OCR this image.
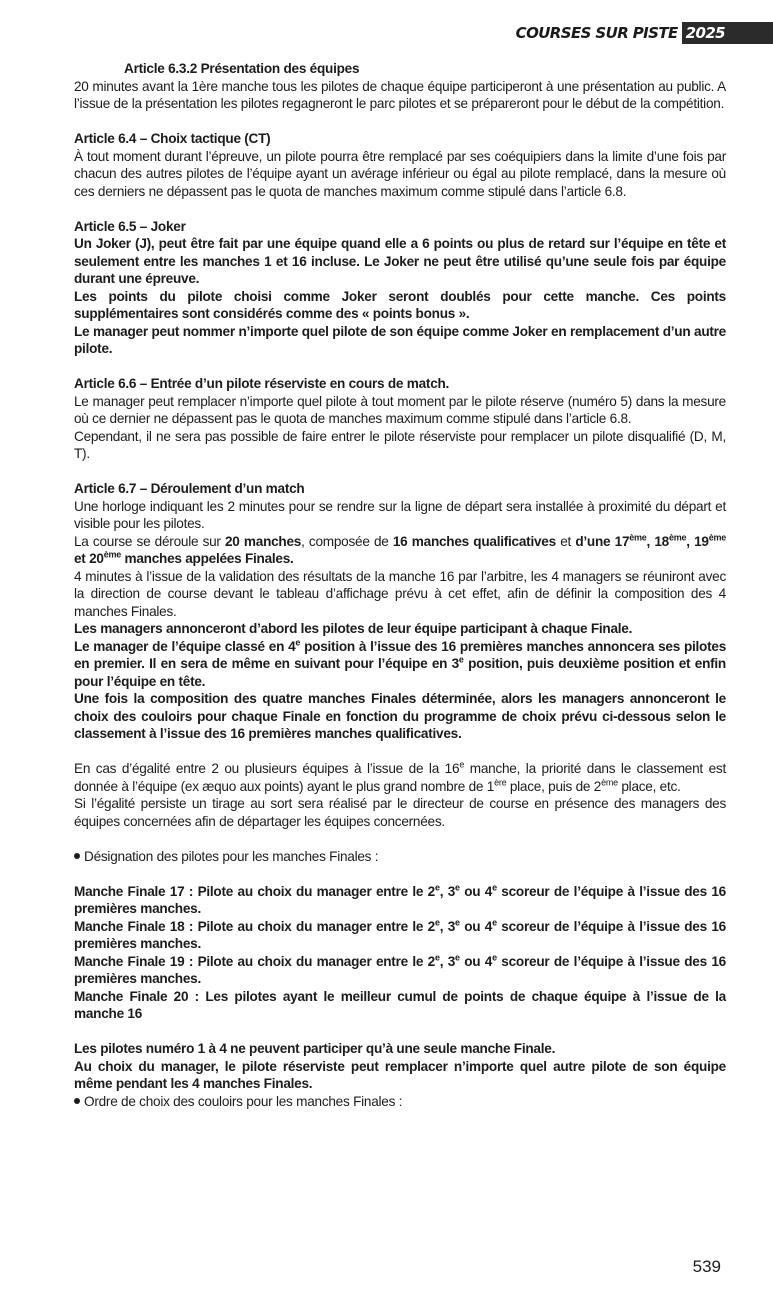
COURSES SUR PISTE 2025

Article 6.3.2 Présentation des équipes

20 minutes avant la 1ère manche tous les pilotes de chaque équipe participeront à une présentation au public. A l’issue de la présentation les pilotes regagneront le parc pilotes et se prépareront pour le début de la compétition.

Article 6.4 – Choix tactique (CT)

À tout moment durant l’épreuve, un pilote pourra être remplacé par ses coéquipiers dans la limite d’une fois par chacun des autres pilotes de l’équipe ayant un avérage inférieur ou égal au pilote remplacé, dans la mesure où ces derniers ne dépassent pas le quota de manches maximum comme stipulé dans l’article 6.8.

Article 6.5 – Joker

Un Joker (J), peut être fait par une équipe quand elle a 6 points ou plus de retard sur l’équipe en tête et seulement entre les manches 1 et 16 incluse. Le Joker ne peut être utilisé qu’une seule fois par équipe durant une épreuve.

Les points du pilote choisi comme Joker seront doublés pour cette manche. Ces points supplémentaires sont considérés comme des « points bonus ».

Le manager peut nommer n’importe quel pilote de son équipe comme Joker en remplacement d’un autre pilote.

Article 6.6 – Entrée d’un pilote réserviste en cours de match.

Le manager peut remplacer n’importe quel pilote à tout moment par le pilote réserve (numéro 5) dans la mesure où ce dernier ne dépassent pas le quota de manches maximum comme stipulé dans l’article 6.8.

Cependant, il ne sera pas possible de faire entrer le pilote réserviste pour remplacer un pilote disqualifié (D, M, T).

Article 6.7 – Déroulement d’un match

Une horloge indiquant les 2 minutes pour se rendre sur la ligne de départ sera installée à proximité du départ et visible pour les pilotes.

La course se déroule sur 20 manches, composée de 16 manches qualificatives et d’une 17ème, 18ème, 19ème et 20ème manches appelées Finales.

4 minutes à l’issue de la validation des résultats de la manche 16 par l’arbitre, les 4 managers se réuniront avec la direction de course devant le tableau d’affichage prévu à cet effet, afin de définir la composition des 4 manches Finales.

Les managers annonceront d’abord les pilotes de leur équipe participant à chaque Finale.

Le manager de l’équipe classé en 4e position à l’issue des 16 premières manches annoncera ses pilotes en premier. Il en sera de même en suivant pour l’équipe en 3e position, puis deuxième position et enfin pour l’équipe en tête.

Une fois la composition des quatre manches Finales déterminée, alors les managers annonceront le choix des couloirs pour chaque Finale en fonction du programme de choix prévu ci-dessous selon le classement à l’issue des 16 premières manches qualificatives.

En cas d’égalité entre 2 ou plusieurs équipes à l’issue de la 16e manche, la priorité dans le classement est donnée à l’équipe (ex æquo aux points) ayant le plus grand nombre de 1ère place, puis de 2ème place, etc.

Si l’égalité persiste un tirage au sort sera réalisé par le directeur de course en présence des managers des équipes concernées afin de départager les équipes concernées.

Désignation des pilotes pour les manches Finales :

Manche Finale 17 : Pilote au choix du manager entre le 2e, 3e ou 4e scoreur de l’équipe à l’issue des 16 premières manches.

Manche Finale 18 : Pilote au choix du manager entre le 2e, 3e ou 4e scoreur de l’équipe à l’issue des 16 premières manches.

Manche Finale 19 : Pilote au choix du manager entre le 2e, 3e ou 4e scoreur de l’équipe à l’issue des 16 premières manches.

Manche Finale 20 : Les pilotes ayant le meilleur cumul de points de chaque équipe à l’issue de la manche 16

Les pilotes numéro 1 à 4 ne peuvent participer qu’à une seule manche Finale.

Au choix du manager, le pilote réserviste peut remplacer n’importe quel autre pilote de son équipe même pendant les 4 manches Finales.

Ordre de choix des couloirs pour les manches Finales :

539
